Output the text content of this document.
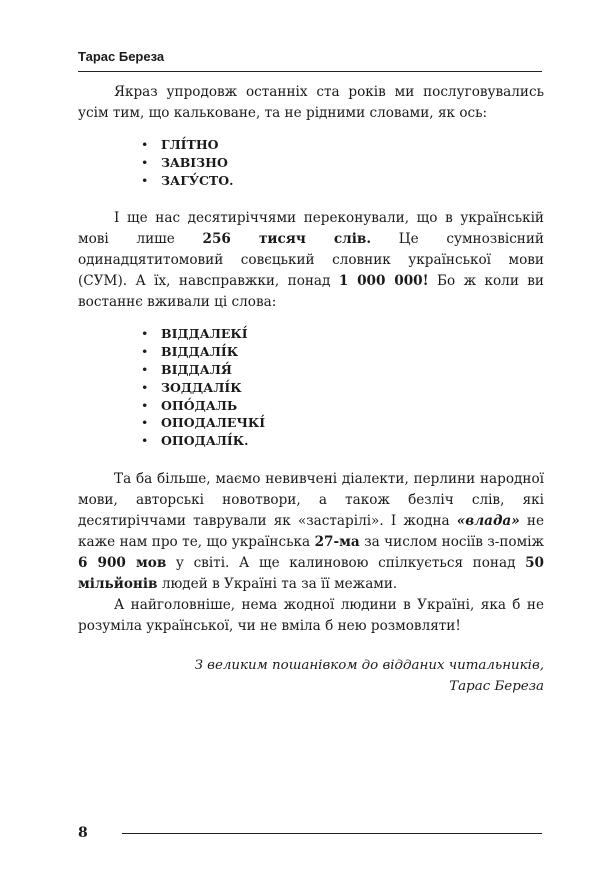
Тарас Береза

Якраз упродовж останніх ста років ми послуговувались усім тим, що кальковане, та не рідними словами, як ось:

• ГЛІ́ТНО
• ЗAВІЗНО
• ЗАГУ́СТО.

І ще нас десятиріччями переконували, що в українській мові лише 256 тисяч слів. Це сумнозвісний одинадцятитомовий совєцький словник української мови (СУМ). А їх, навсправжки, понад 1 000 000! Бо ж коли ви востаннє вживали ці слова:

• ВІДДАЛЕКІ́
• ВІДДАЛІ́К
• ВІДДАЛЯ́
• ЗОДДАЛІ́К
• ОПО́ДАЛЬ
• ОПОДАЛЕЧКІ́
• ОПОДАЛІ́К.

Та ба більше, маємо невивчені діалекти, перлини народної мови, авторські новотвори, а також безліч слів, які десятиріччами таврували як «застарілі». І жодна «влада» не каже нам про те, що українська 27-ма за числом носіїв з-поміж 6 900 мов у світі. А ще калиновою спілкується понад 50 мільйонів людей в Україні та за її межами.

А найголовніше, нема жодної людини в Україні, яка б не розуміла української, чи не вміла б нею розмовляти!

З великим пошанівком до відданих читальників,
Тарас Береза
8
